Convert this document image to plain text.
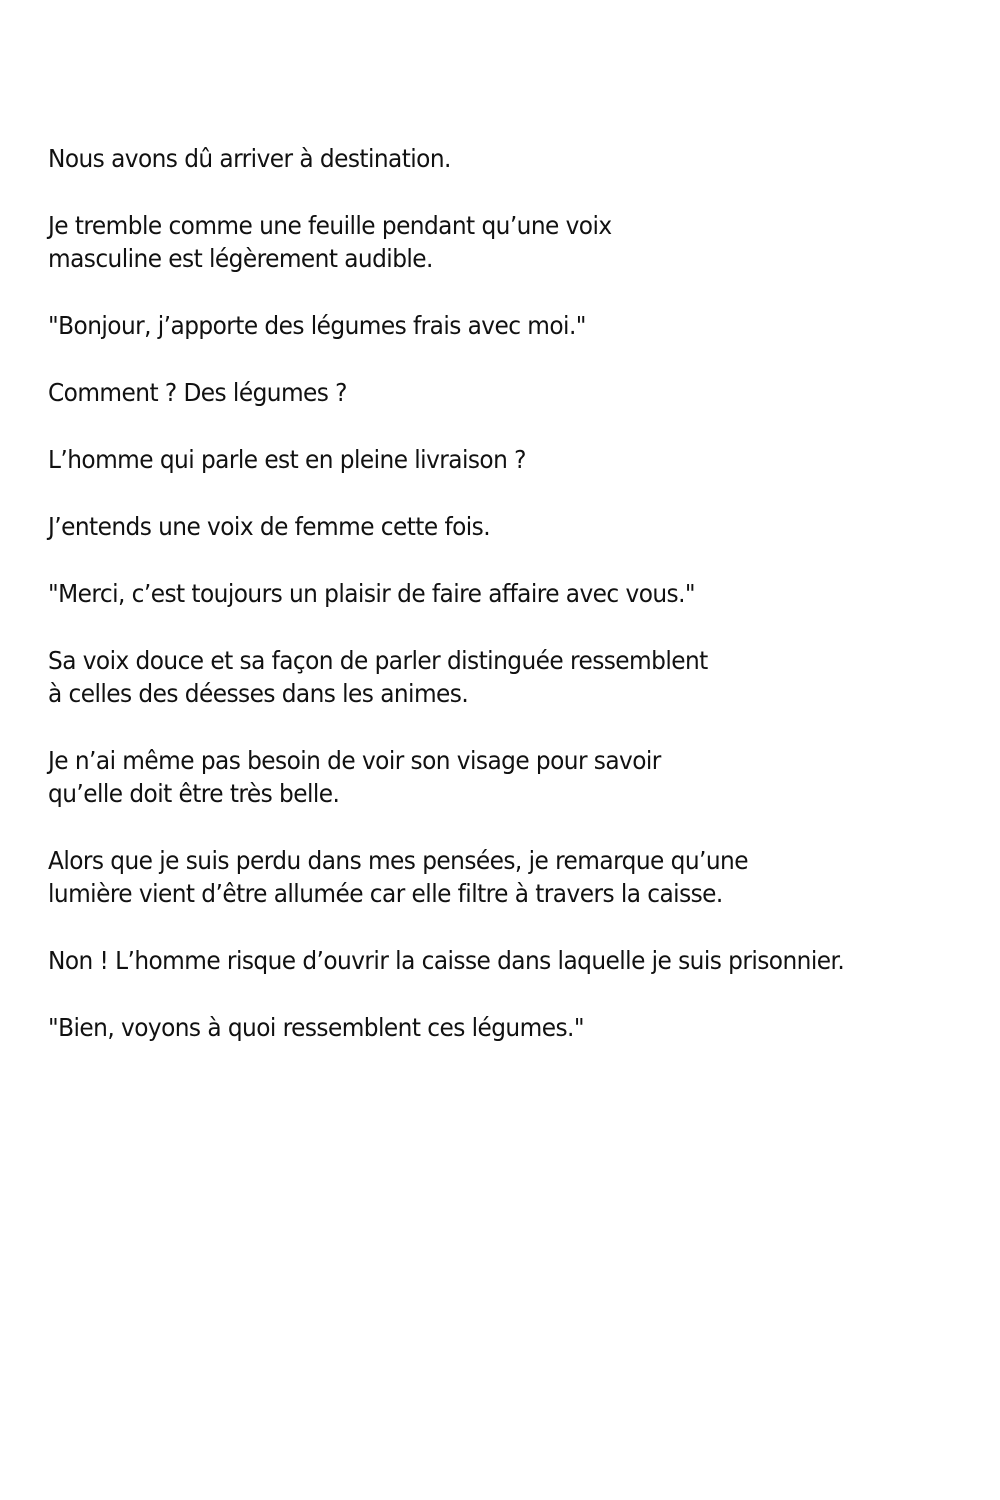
Nous avons dû arriver à destination.

Je tremble comme une feuille pendant qu’une voix
masculine est légèrement audible.

"Bonjour, j’apporte des légumes frais avec moi."

Comment ? Des légumes ?

L’homme qui parle est en pleine livraison ?

J’entends une voix de femme cette fois.

"Merci, c’est toujours un plaisir de faire affaire avec vous."

Sa voix douce et sa façon de parler distinguée ressemblent
à celles des déesses dans les animes.

Je n’ai même pas besoin de voir son visage pour savoir
qu’elle doit être très belle.

Alors que je suis perdu dans mes pensées, je remarque qu’une
lumière vient d’être allumée car elle filtre à travers la caisse.

Non ! L’homme risque d’ouvrir la caisse dans laquelle je suis prisonnier.

"Bien, voyons à quoi ressemblent ces légumes."
